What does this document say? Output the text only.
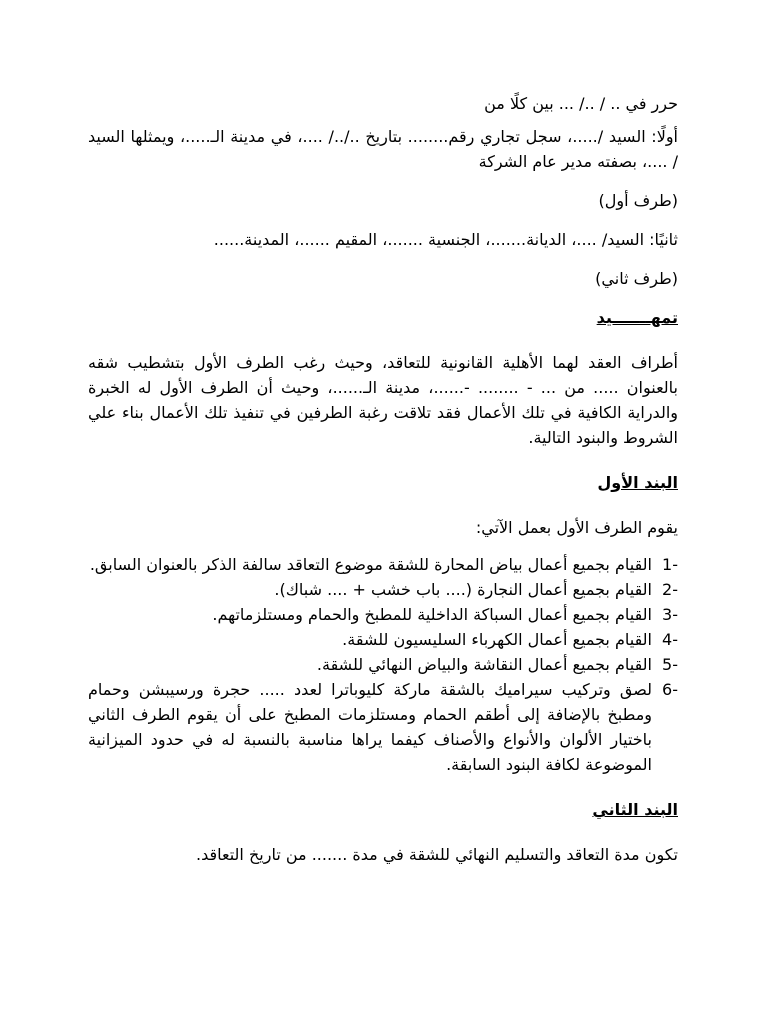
حرر في .. / ../ ... بين كلًا من

أولًا: السيد /.....، سجل تجاري رقم........ بتاريخ ../../ ....، في مدينة الـ.....، ويمثلها السيد / ....، بصفته مدير عام الشركة

(طرف أول)

ثانيًا: السيد/ ....، الديانة.......، الجنسية .......، المقيم ......، المدينة......

(طرف ثاني)

تمهـــــــيد

أطراف العقد لهما الأهلية القانونية للتعاقد، وحيث رغب الطرف الأول بتشطيب شقه بالعنوان ..... من ... - ........ -......، مدينة الـ......، وحيث أن الطرف الأول له الخبرة والدراية الكافية في تلك الأعمال فقد تلاقت رغبة الطرفين في تنفيذ تلك الأعمال بناء علي الشروط والبنود التالية.

البند الأول

يقوم الطرف الأول بعمل الآتي:

-1
القيام بجميع أعمال بياض المحارة للشقة موضوع التعاقد سالفة الذكر بالعنوان السابق.
-2
القيام بجميع أعمال النجارة (.... باب خشب + .... شباك).
-3
القيام بجميع أعمال السباكة الداخلية للمطبخ والحمام ومستلزماتهم.
-4
القيام بجميع أعمال الكهرباء السليسيون للشقة.
-5
القيام بجميع أعمال النقاشة والبياض النهائي للشقة.
-6
لصق وتركيب سيراميك بالشقة ماركة كليوباترا لعدد ..... حجرة ورسيبشن وحمام ومطبخ بالإضافة إلى أطقم الحمام ومستلزمات المطبخ على أن يقوم الطرف الثاني باختيار الألوان والأنواع والأصناف كيفما يراها مناسبة بالنسبة له في حدود الميزانية الموضوعة لكافة البنود السابقة.

البند الثاني

تكون مدة التعاقد والتسليم النهائي للشقة في مدة ....... من تاريخ التعاقد.
